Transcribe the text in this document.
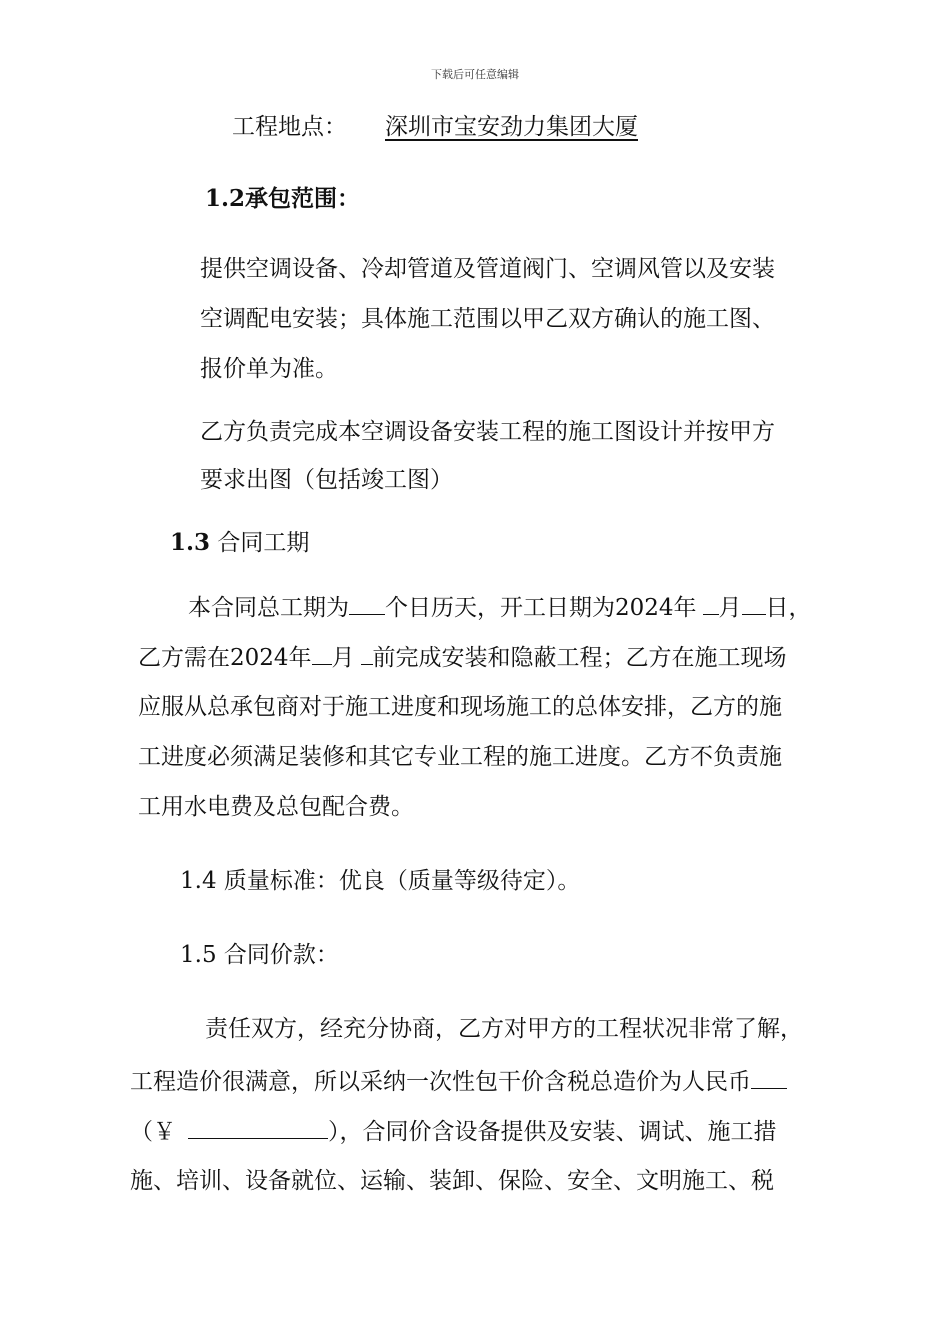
下载后可任意编辑
工程地点： 深圳市宝安劲力集团大厦
1.2承包范围：
提供空调设备、冷却管道及管道阀门、空调风管以及安装
空调配电安装；具体施工范围以甲乙双方确认的施工图、
报价单为准。
乙方负责完成本空调设备安装工程的施工图设计并按甲方
要求出图（包括竣工图）
1.3 合同工期
本合同总工期为 个日历天，开工日期为2024年 月 日，
乙方需在2024年 月 前完成安装和隐蔽工程；乙方在施工现场
应服从总承包商对于施工进度和现场施工的总体安排，乙方的施
工进度必须满足装修和其它专业工程的施工进度。乙方不负责施
工用水电费及总包配合费。
1.4 质量标准：优良（质量等级待定）。
1.5 合同价款：
责任双方，经充分协商，乙方对甲方的工程状况非常了解，
工程造价很满意，所以采纳一次性包干价含税总造价为人民币
（￥	），合同价含设备提供及安装、调试、施工措
施、培训、设备就位、运输、装卸、保险、安全、文明施工、税
